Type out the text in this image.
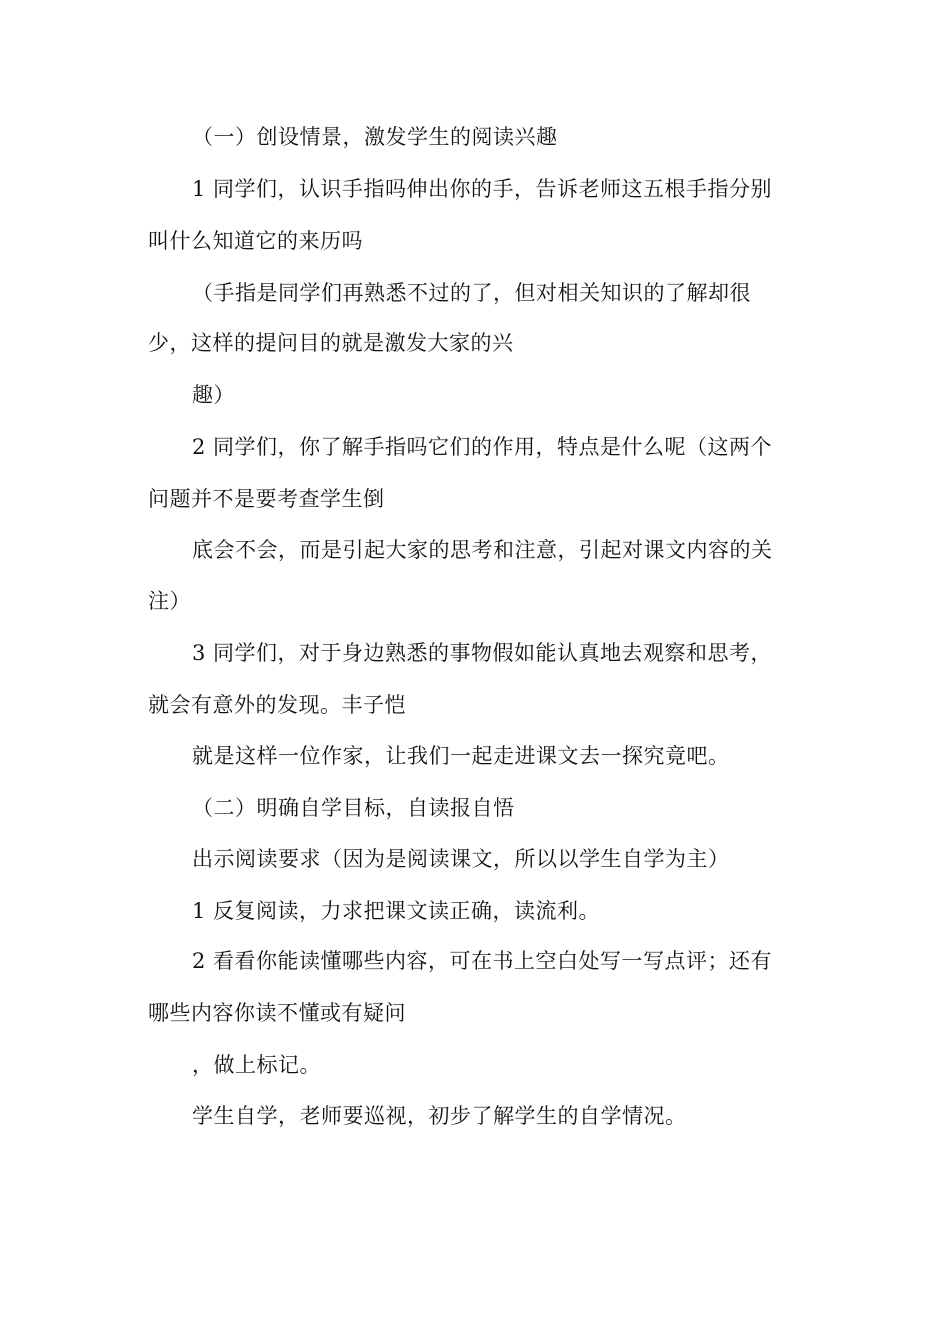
（一）创设情景，激发学生的阅读兴趣
1 同学们，认识手指吗伸出你的手，告诉老师这五根手指分别
叫什么知道它的来历吗
（手指是同学们再熟悉不过的了，但对相关知识的了解却很
少，这样的提问目的就是激发大家的兴
趣）
2 同学们，你了解手指吗它们的作用，特点是什么呢（这两个
问题并不是要考查学生倒
底会不会，而是引起大家的思考和注意，引起对课文内容的关
注）
3 同学们，对于身边熟悉的事物假如能认真地去观察和思考，
就会有意外的发现。丰子恺
就是这样一位作家，让我们一起走进课文去一探究竟吧。
（二）明确自学目标，自读报自悟
出示阅读要求（因为是阅读课文，所以以学生自学为主）
1 反复阅读，力求把课文读正确，读流利。
2 看看你能读懂哪些内容，可在书上空白处写一写点评；还有
哪些内容你读不懂或有疑问
，做上标记。
学生自学，老师要巡视，初步了解学生的自学情况。
